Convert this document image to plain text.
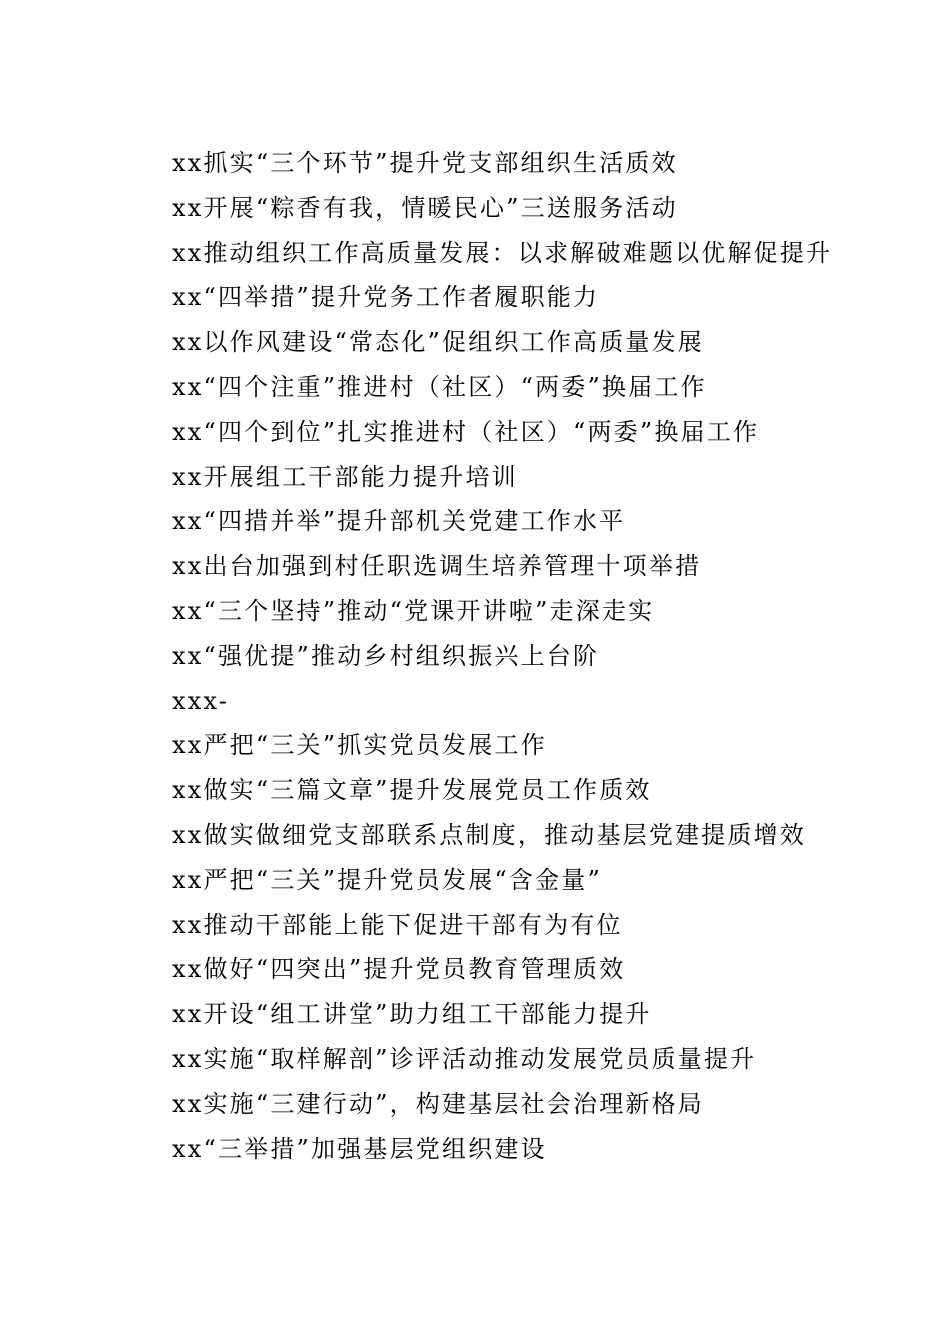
xx抓实“三个环节”提升党支部组织生活质效
xx开展“粽香有我，情暖民心”三送服务活动
xx推动组织工作高质量发展：以求解破难题以优解促提升
xx“四举措”提升党务工作者履职能力
xx以作风建设“常态化”促组织工作高质量发展
xx“四个注重”推进村（社区）“两委”换届工作
xx“四个到位”扎实推进村（社区）“两委”换届工作
xx开展组工干部能力提升培训
xx“四措并举”提升部机关党建工作水平
xx出台加强到村任职选调生培养管理十项举措
xx“三个坚持”推动“党课开讲啦”走深走实
xx“强优提”推动乡村组织振兴上台阶
xxx-
xx严把“三关”抓实党员发展工作
xx做实“三篇文章”提升发展党员工作质效
xx做实做细党支部联系点制度，推动基层党建提质增效
xx严把“三关”提升党员发展“含金量”
xx推动干部能上能下促进干部有为有位
xx做好“四突出”提升党员教育管理质效
xx开设“组工讲堂”助力组工干部能力提升
xx实施“取样解剖”诊评活动推动发展党员质量提升
xx实施“三建行动”，构建基层社会治理新格局
xx“三举措”加强基层党组织建设
